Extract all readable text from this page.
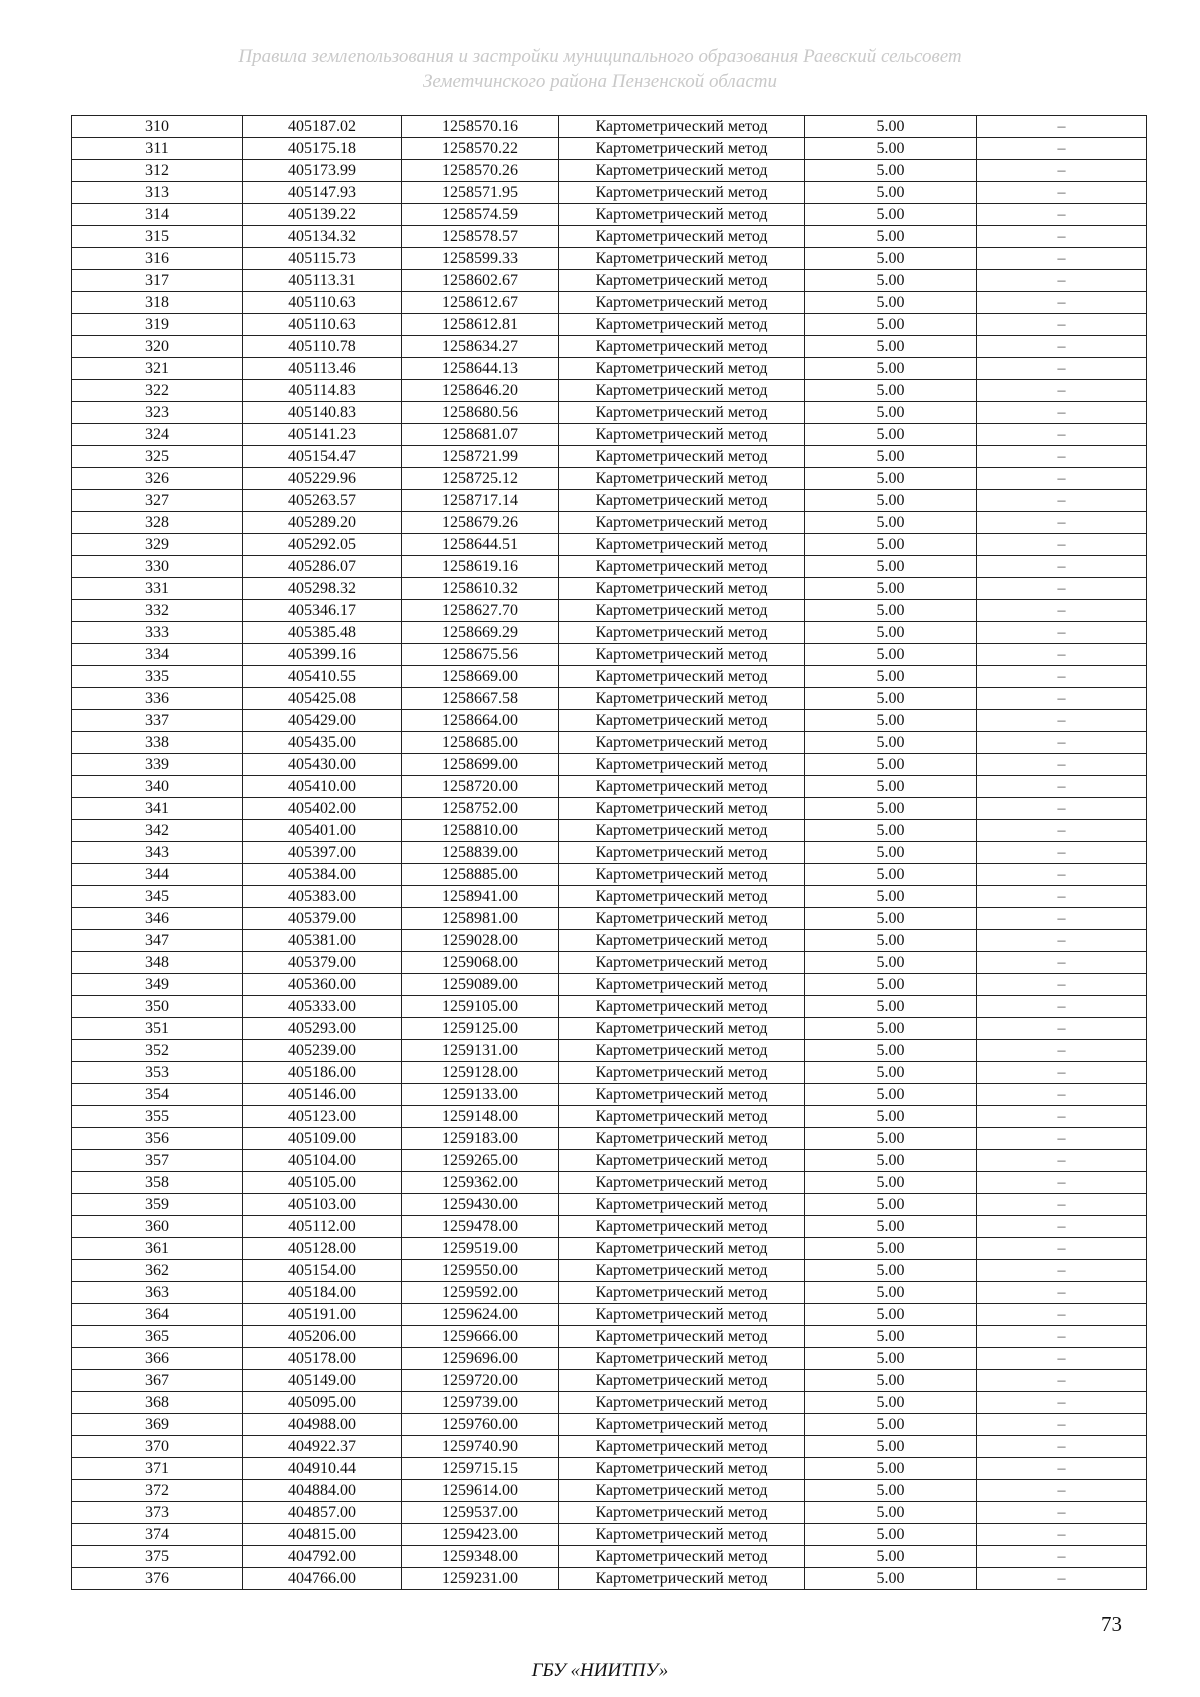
Правила землепользования и застройки муниципального образования Раевский сельсовет
Земетчинского района Пензенской области
310	405187.02	1258570.16	Картометрический метод	5.00	–
311	405175.18	1258570.22	Картометрический метод	5.00	–
312	405173.99	1258570.26	Картометрический метод	5.00	–
313	405147.93	1258571.95	Картометрический метод	5.00	–
314	405139.22	1258574.59	Картометрический метод	5.00	–
315	405134.32	1258578.57	Картометрический метод	5.00	–
316	405115.73	1258599.33	Картометрический метод	5.00	–
317	405113.31	1258602.67	Картометрический метод	5.00	–
318	405110.63	1258612.67	Картометрический метод	5.00	–
319	405110.63	1258612.81	Картометрический метод	5.00	–
320	405110.78	1258634.27	Картометрический метод	5.00	–
321	405113.46	1258644.13	Картометрический метод	5.00	–
322	405114.83	1258646.20	Картометрический метод	5.00	–
323	405140.83	1258680.56	Картометрический метод	5.00	–
324	405141.23	1258681.07	Картометрический метод	5.00	–
325	405154.47	1258721.99	Картометрический метод	5.00	–
326	405229.96	1258725.12	Картометрический метод	5.00	–
327	405263.57	1258717.14	Картометрический метод	5.00	–
328	405289.20	1258679.26	Картометрический метод	5.00	–
329	405292.05	1258644.51	Картометрический метод	5.00	–
330	405286.07	1258619.16	Картометрический метод	5.00	–
331	405298.32	1258610.32	Картометрический метод	5.00	–
332	405346.17	1258627.70	Картометрический метод	5.00	–
333	405385.48	1258669.29	Картометрический метод	5.00	–
334	405399.16	1258675.56	Картометрический метод	5.00	–
335	405410.55	1258669.00	Картометрический метод	5.00	–
336	405425.08	1258667.58	Картометрический метод	5.00	–
337	405429.00	1258664.00	Картометрический метод	5.00	–
338	405435.00	1258685.00	Картометрический метод	5.00	–
339	405430.00	1258699.00	Картометрический метод	5.00	–
340	405410.00	1258720.00	Картометрический метод	5.00	–
341	405402.00	1258752.00	Картометрический метод	5.00	–
342	405401.00	1258810.00	Картометрический метод	5.00	–
343	405397.00	1258839.00	Картометрический метод	5.00	–
344	405384.00	1258885.00	Картометрический метод	5.00	–
345	405383.00	1258941.00	Картометрический метод	5.00	–
346	405379.00	1258981.00	Картометрический метод	5.00	–
347	405381.00	1259028.00	Картометрический метод	5.00	–
348	405379.00	1259068.00	Картометрический метод	5.00	–
349	405360.00	1259089.00	Картометрический метод	5.00	–
350	405333.00	1259105.00	Картометрический метод	5.00	–
351	405293.00	1259125.00	Картометрический метод	5.00	–
352	405239.00	1259131.00	Картометрический метод	5.00	–
353	405186.00	1259128.00	Картометрический метод	5.00	–
354	405146.00	1259133.00	Картометрический метод	5.00	–
355	405123.00	1259148.00	Картометрический метод	5.00	–
356	405109.00	1259183.00	Картометрический метод	5.00	–
357	405104.00	1259265.00	Картометрический метод	5.00	–
358	405105.00	1259362.00	Картометрический метод	5.00	–
359	405103.00	1259430.00	Картометрический метод	5.00	–
360	405112.00	1259478.00	Картометрический метод	5.00	–
361	405128.00	1259519.00	Картометрический метод	5.00	–
362	405154.00	1259550.00	Картометрический метод	5.00	–
363	405184.00	1259592.00	Картометрический метод	5.00	–
364	405191.00	1259624.00	Картометрический метод	5.00	–
365	405206.00	1259666.00	Картометрический метод	5.00	–
366	405178.00	1259696.00	Картометрический метод	5.00	–
367	405149.00	1259720.00	Картометрический метод	5.00	–
368	405095.00	1259739.00	Картометрический метод	5.00	–
369	404988.00	1259760.00	Картометрический метод	5.00	–
370	404922.37	1259740.90	Картометрический метод	5.00	–
371	404910.44	1259715.15	Картометрический метод	5.00	–
372	404884.00	1259614.00	Картометрический метод	5.00	–
373	404857.00	1259537.00	Картометрический метод	5.00	–
374	404815.00	1259423.00	Картометрический метод	5.00	–
375	404792.00	1259348.00	Картометрический метод	5.00	–
376	404766.00	1259231.00	Картометрический метод	5.00	–
73
ГБУ «НИИТПУ»
